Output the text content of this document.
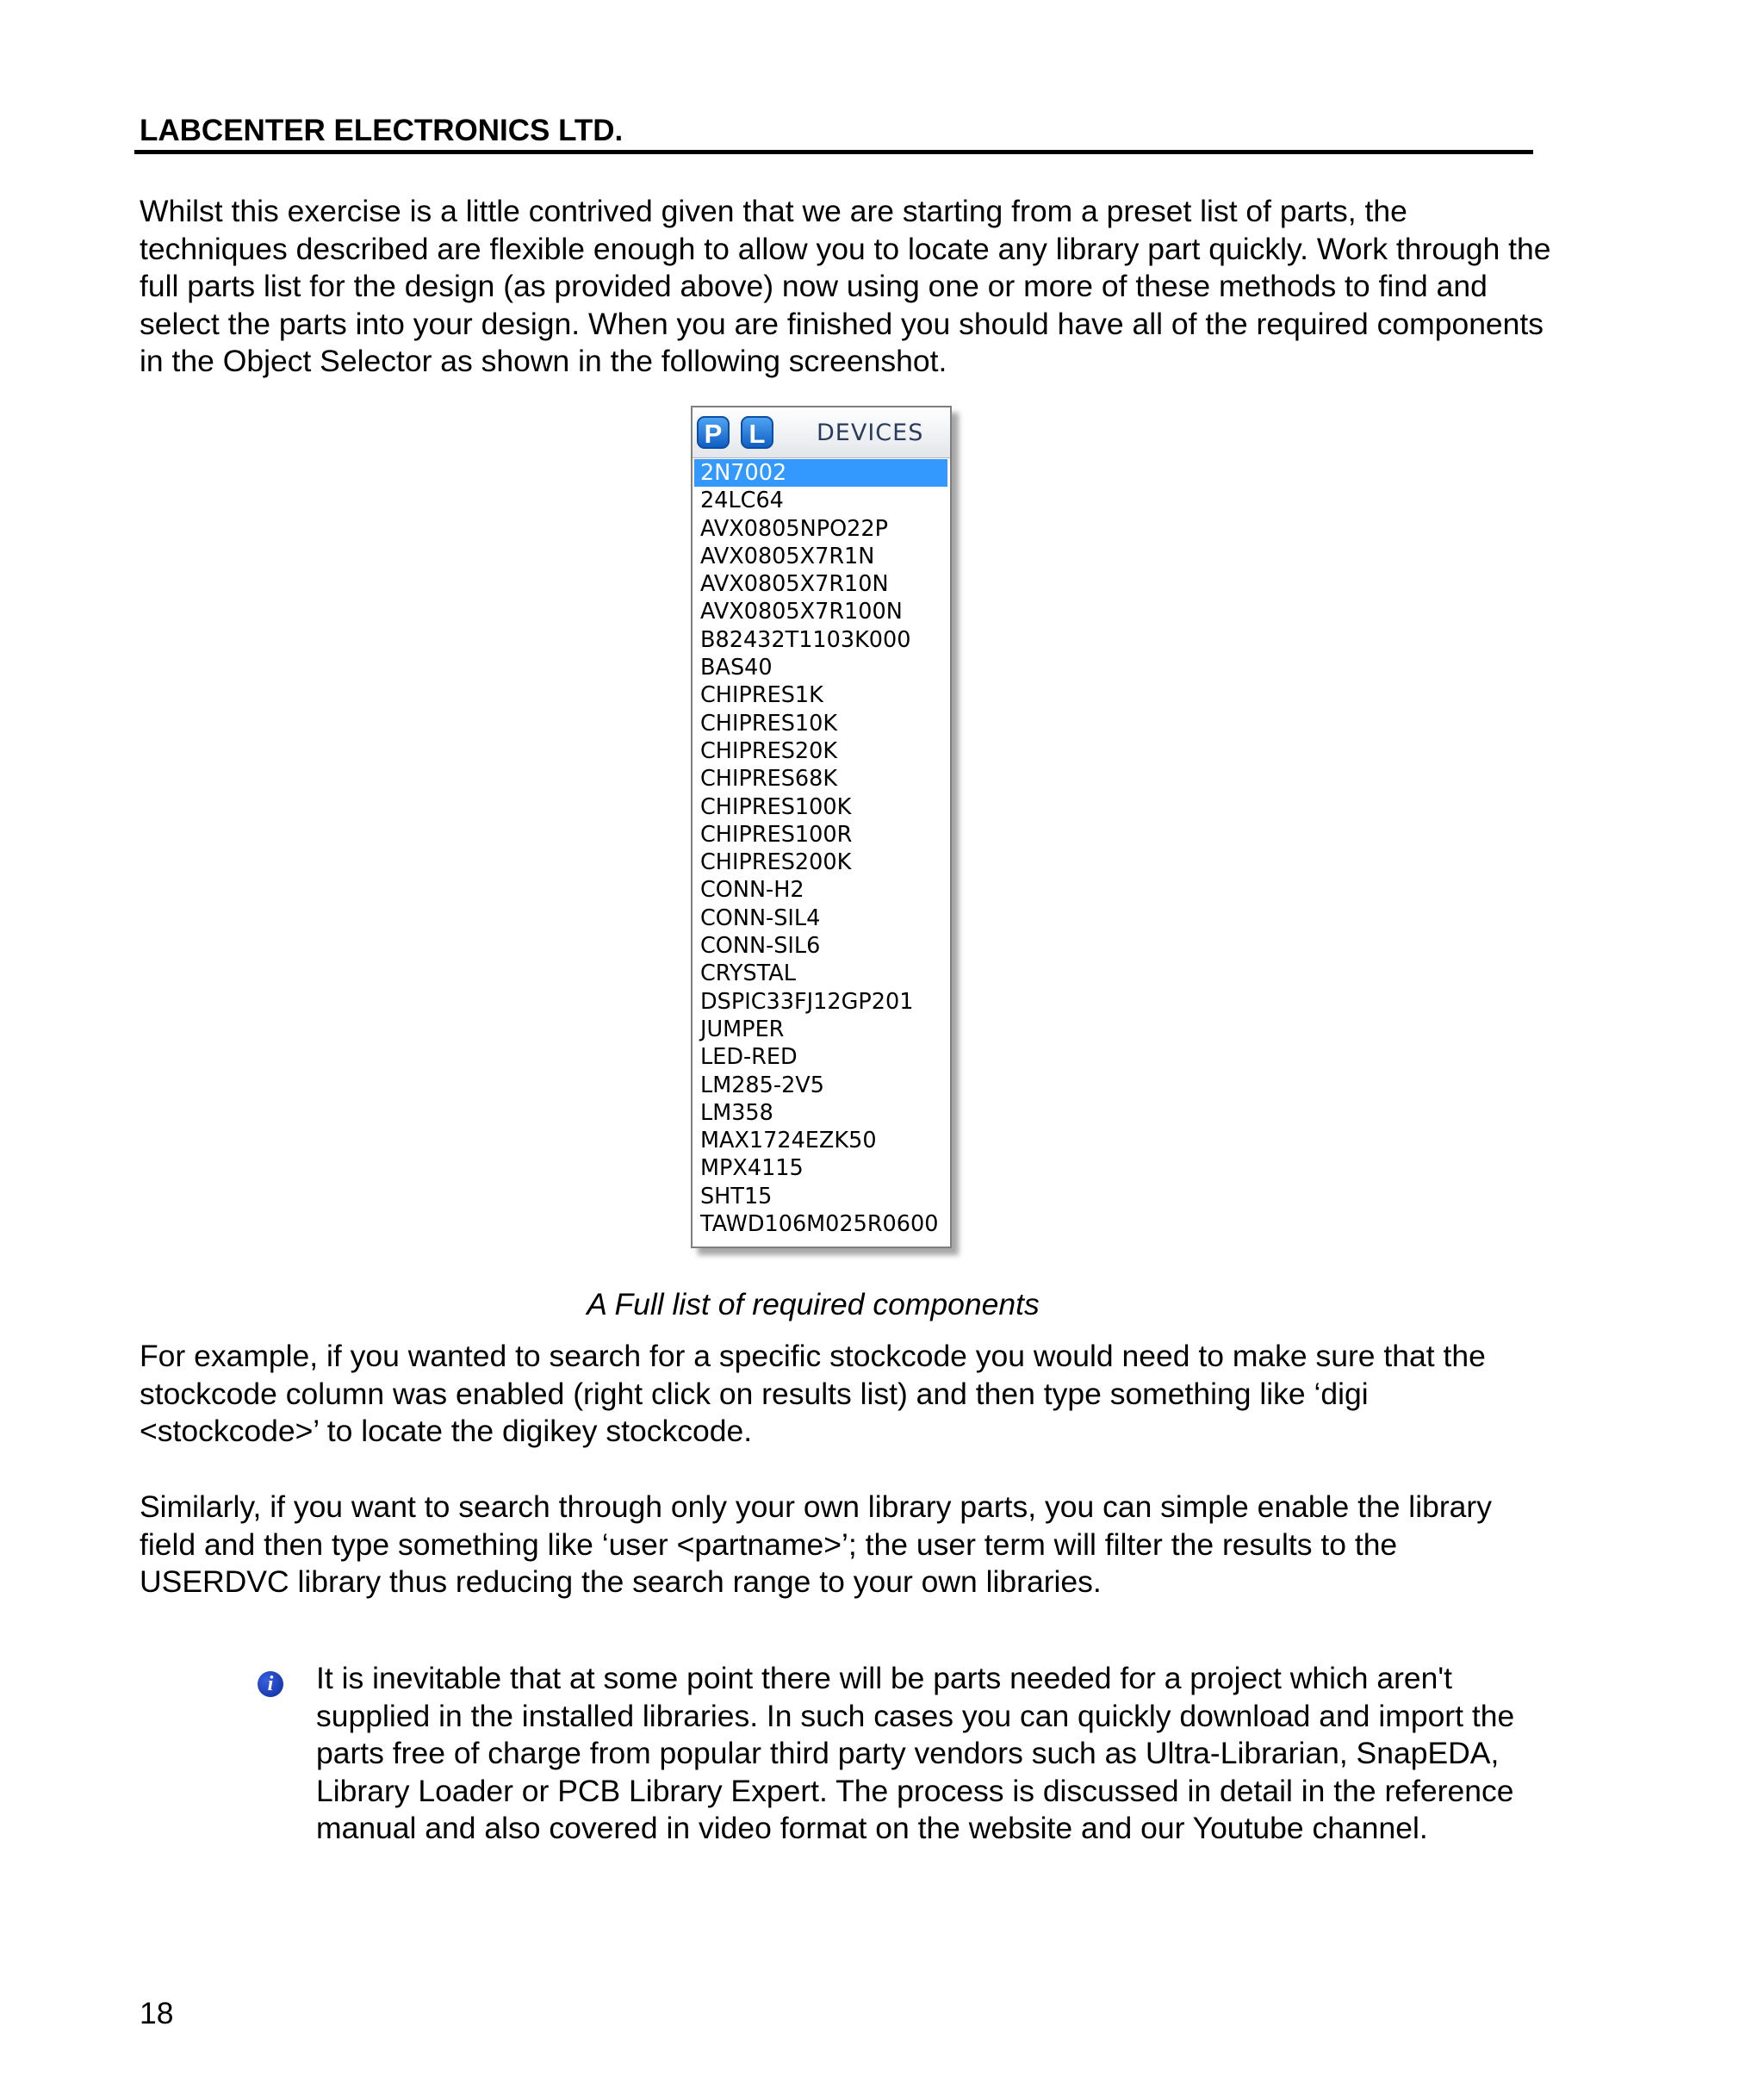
LABCENTER ELECTRONICS LTD.

Whilst this exercise is a little contrived given that we are starting from a preset list of parts, the techniques described are flexible enough to allow you to locate any library part quickly. Work through the full parts list for the design (as provided above) now using one or more of these methods to find and select the parts into your design. When you are finished you should have all of the required components in the Object Selector as shown in the following screenshot.

P	L	DEVICES
2N7002
24LC64
AVX0805NPO22P
AVX0805X7R1N
AVX0805X7R10N
AVX0805X7R100N
B82432T1103K000
BAS40
CHIPRES1K
CHIPRES10K
CHIPRES20K
CHIPRES68K
CHIPRES100K
CHIPRES100R
CHIPRES200K
CONN-H2
CONN-SIL4
CONN-SIL6
CRYSTAL
DSPIC33FJ12GP201
JUMPER
LED-RED
LM285-2V5
LM358
MAX1724EZK50
MPX4115
SHT15
TAWD106M025R0600
A Full list of required components

For example, if you wanted to search for a specific stockcode you would need to make sure that the stockcode column was enabled (right click on results list) and then type something like ‘digi <stockcode>’ to locate the digikey stockcode.

Similarly, if you want to search through only your own library parts, you can simple enable the library field and then type something like ‘user <partname>’; the user term will filter the results to the USERDVC library thus reducing the search range to your own libraries.

i	It is inevitable that at some point there will be parts needed for a project which aren't supplied in the installed libraries. In such cases you can quickly download and import the parts free of charge from popular third party vendors such as Ultra-Librarian, SnapEDA, Library Loader or PCB Library Expert. The process is discussed in detail in the reference manual and also covered in video format on the website and our Youtube channel.

18
